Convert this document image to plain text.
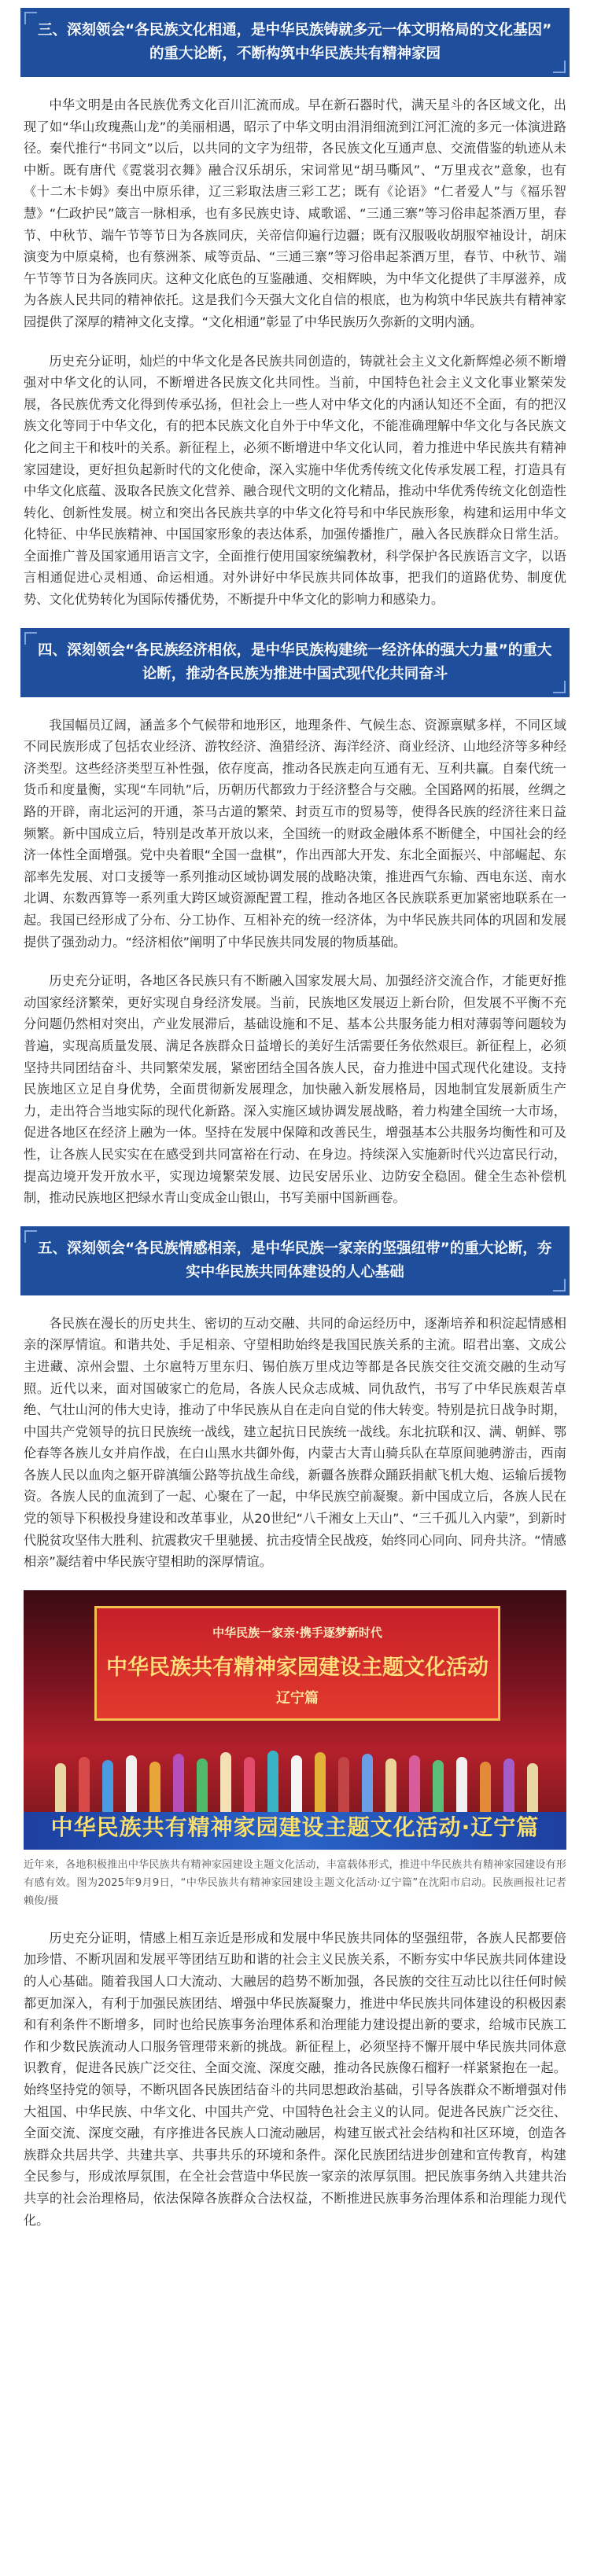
三、深刻领会“各民族文化相通，是中华民族铸就多元一体文明格局的文化基因”
的重大论断，不断构筑中华民族共有精神家园

中华文明是由各民族优秀文化百川汇流而成。早在新石器时代，满天星斗的各区域文化，出现了如“华山玫瑰燕山龙”的美丽相遇，昭示了中华文明由涓涓细流到江河汇流的多元一体演进路径。秦代推行“书同文”以后，以共同的文字为纽带，各民族文化互通声息、交流借鉴的轨迹从未中断。既有唐代《霓裳羽衣舞》融合汉乐胡乐，宋词常见“胡马嘶风”、“万里戎衣”意象，也有《十二木卡姆》奏出中原乐律，辽三彩取法唐三彩工艺；既有《论语》“仁者爱人”与《福乐智慧》“仁政护民”箴言一脉相承，也有多民族史诗、咸歌谣、“三通三寨”等习俗串起茶酒万里，春节、中秋节、端午节等节日为各族同庆，关帝信仰遍行边疆；既有汉服吸收胡服窄袖设计，胡床演变为中原桌椅，也有蔡洲茶、咸等贡品、“三通三寨”等习俗串起茶酒万里，春节、中秋节、端午节等节日为各族同庆。这种文化底色的互鉴融通、交相辉映，为中华文化提供了丰厚滋养，成为各族人民共同的精神依托。这是我们今天强大文化自信的根底，也为构筑中华民族共有精神家园提供了深厚的精神文化支撑。“文化相通”彰显了中华民族历久弥新的文明内涵。

历史充分证明，灿烂的中华文化是各民族共同创造的，铸就社会主义文化新辉煌必须不断增强对中华文化的认同，不断增进各民族文化共同性。当前，中国特色社会主义文化事业繁荣发展，各民族优秀文化得到传承弘扬，但社会上一些人对中华文化的内涵认知还不全面，有的把汉族文化等同于中华文化，有的把本民族文化自外于中华文化，不能准确理解中华文化与各民族文化之间主干和枝叶的关系。新征程上，必须不断增进中华文化认同，着力推进中华民族共有精神家园建设，更好担负起新时代的文化使命，深入实施中华优秀传统文化传承发展工程，打造具有中华文化底蕴、汲取各民族文化营养、融合现代文明的文化精品，推动中华优秀传统文化创造性转化、创新性发展。树立和突出各民族共享的中华文化符号和中华民族形象，构建和运用中华文化特征、中华民族精神、中国国家形象的表达体系，加强传播推广，融入各民族群众日常生活。全面推广普及国家通用语言文字，全面推行使用国家统编教材，科学保护各民族语言文字，以语言相通促进心灵相通、命运相通。对外讲好中华民族共同体故事，把我们的道路优势、制度优势、文化优势转化为国际传播优势，不断提升中华文化的影响力和感染力。

四、深刻领会“各民族经济相依，是中华民族构建统一经济体的强大力量”的重大
论断，推动各民族为推进中国式现代化共同奋斗

我国幅员辽阔，涵盖多个气候带和地形区，地理条件、气候生态、资源禀赋多样，不同区域不同民族形成了包括农业经济、游牧经济、渔猎经济、海洋经济、商业经济、山地经济等多种经济类型。这些经济类型互补性强，依存度高，推动各民族走向互通有无、互利共赢。自秦代统一货币和度量衡，实现“车同轨”后，历朝历代都致力于经济整合与交融。全国路网的拓展，丝绸之路的开辟，南北运河的开通，茶马古道的繁荣、封贡互市的贸易等，使得各民族的经济往来日益频繁。新中国成立后，特别是改革开放以来，全国统一的财政金融体系不断健全，中国社会的经济一体性全面增强。党中央着眼“全国一盘棋”，作出西部大开发、东北全面振兴、中部崛起、东部率先发展、对口支援等一系列推动区域协调发展的战略决策，推进西气东输、西电东送、南水北调、东数西算等一系列重大跨区域资源配置工程，推动各地区各民族联系更加紧密地联系在一起。我国已经形成了分布、分工协作、互相补充的统一经济体，为中华民族共同体的巩固和发展提供了强劲动力。“经济相依”阐明了中华民族共同发展的物质基础。

历史充分证明，各地区各民族只有不断融入国家发展大局、加强经济交流合作，才能更好推动国家经济繁荣，更好实现自身经济发展。当前，民族地区发展迈上新台阶，但发展不平衡不充分问题仍然相对突出，产业发展滞后，基础设施和不足、基本公共服务能力相对薄弱等问题较为普遍，实现高质量发展、满足各族群众日益增长的美好生活需要任务依然艰巨。新征程上，必须坚持共同团结奋斗、共同繁荣发展，紧密团结全国各族人民，奋力推进中国式现代化建设。支持民族地区立足自身优势，全面贯彻新发展理念，加快融入新发展格局，因地制宜发展新质生产力，走出符合当地实际的现代化新路。深入实施区域协调发展战略，着力构建全国统一大市场，促进各地区在经济上融为一体。坚持在发展中保障和改善民生，增强基本公共服务均衡性和可及性，让各族人民实实在在感受到共同富裕在行动、在身边。持续深入实施新时代兴边富民行动，提高边境开发开放水平，实现边境繁荣发展、边民安居乐业、边防安全稳固。健全生态补偿机制，推动民族地区把绿水青山变成金山银山，书写美丽中国新画卷。

五、深刻领会“各民族情感相亲，是中华民族一家亲的坚强纽带”的重大论断，夯
实中华民族共同体建设的人心基础

各民族在漫长的历史共生、密切的互动交融、共同的命运经历中，逐渐培养和积淀起情感相亲的深厚情谊。和谐共处、手足相亲、守望相助始终是我国民族关系的主流。昭君出塞、文成公主进藏、凉州会盟、土尔扈特万里东归、锡伯族万里戍边等都是各民族交往交流交融的生动写照。近代以来，面对国破家亡的危局，各族人民众志成城、同仇敌忾，书写了中华民族艰苦卓绝、气壮山河的伟大史诗，推动了中华民族从自在走向自觉的伟大转变。特别是抗日战争时期，中国共产党领导的抗日民族统一战线，建立起抗日民族统一战线。东北抗联和汉、满、朝鲜、鄂伦春等各族儿女并肩作战，在白山黑水共御外侮，内蒙古大青山骑兵队在草原间驰骋游击，西南各族人民以血肉之躯开辟滇缅公路等抗战生命线，新疆各族群众踊跃捐献飞机大炮、运输后援物资。各族人民的血流到了一起、心聚在了一起，中华民族空前凝聚。新中国成立后，各族人民在党的领导下积极投身建设和改革事业，从20世纪“八千湘女上天山”、“三千孤儿入内蒙”，到新时代脱贫攻坚伟大胜利、抗震救灾千里驰援、抗击疫情全民战疫，始终同心同向、同舟共济。“情感相亲”凝结着中华民族守望相助的深厚情谊。

中华民族一家亲·携手逐梦新时代
中华民族共有精神家园建设主题文化活动
辽宁篇
中华民族共有精神家园建设主题文化活动·辽宁篇
近年来，各地积极推出中华民族共有精神家园建设主题文化活动，丰富载体形式，推进中华民族共有精神家园建设有形有感有效。图为2025年9月9日，“中华民族共有精神家园建设主题文化活动·辽宁篇”在沈阳市启动。民族画报社记者 赖俊/摄

历史充分证明，情感上相互亲近是形成和发展中华民族共同体的坚强纽带，各族人民都要倍加珍惜、不断巩固和发展平等团结互助和谐的社会主义民族关系，不断夯实中华民族共同体建设的人心基础。随着我国人口大流动、大融居的趋势不断加强，各民族的交往互动比以往任何时候都更加深入，有利于加强民族团结、增强中华民族凝聚力，推进中华民族共同体建设的积极因素和有利条件不断增多，同时也给民族事务治理体系和治理能力建设提出新的要求，给城市民族工作和少数民族流动人口服务管理带来新的挑战。新征程上，必须坚持不懈开展中华民族共同体意识教育，促进各民族广泛交往、全面交流、深度交融，推动各民族像石榴籽一样紧紧抱在一起。始终坚持党的领导，不断巩固各民族团结奋斗的共同思想政治基础，引导各族群众不断增强对伟大祖国、中华民族、中华文化、中国共产党、中国特色社会主义的认同。促进各民族广泛交往、全面交流、深度交融，有序推进各民族人口流动融居，构建互嵌式社会结构和社区环境，创造各族群众共居共学、共建共享、共事共乐的环境和条件。深化民族团结进步创建和宣传教育，构建全民参与，形成浓厚氛围，在全社会营造中华民族一家亲的浓厚氛围。把民族事务纳入共建共治共享的社会治理格局，依法保障各族群众合法权益，不断推进民族事务治理体系和治理能力现代化。
